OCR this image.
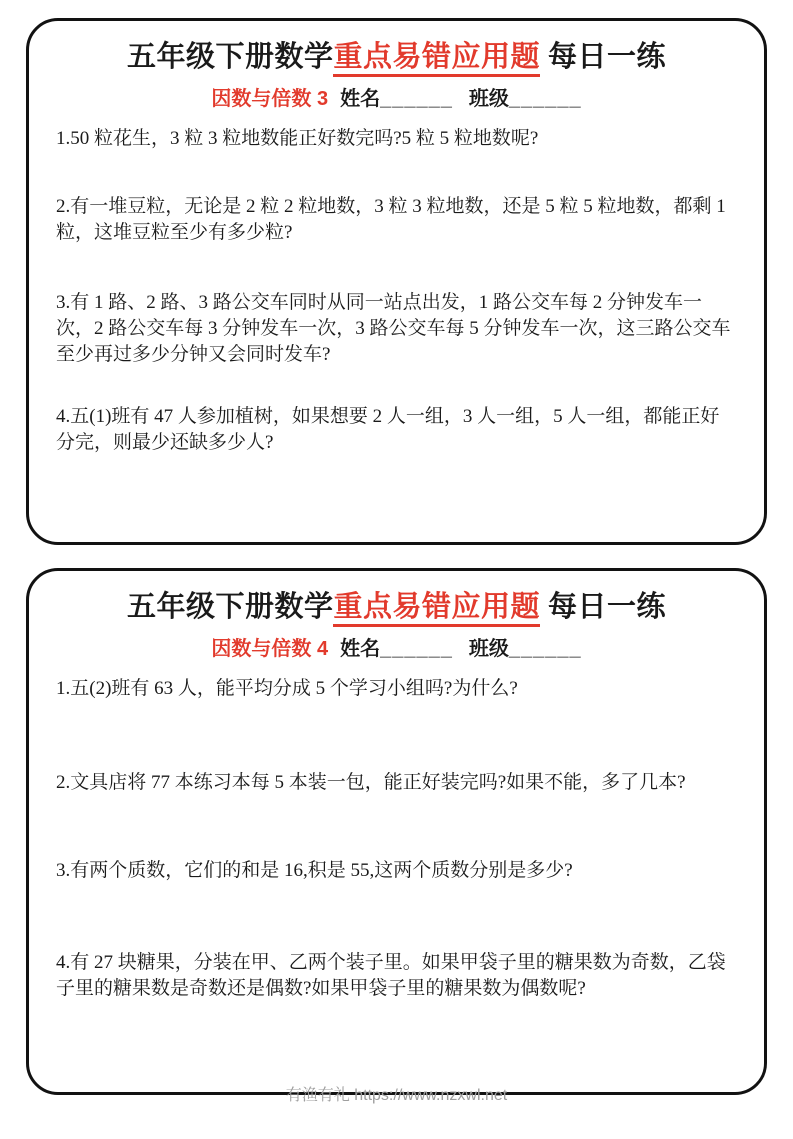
五年级下册数学重点易错应用题 每日一练
因数与倍数 3 姓名______ 班级______

1.50 粒花生，3 粒 3 粒地数能正好数完吗?5 粒 5 粒地数呢?

2.有一堆豆粒，无论是 2 粒 2 粒地数，3 粒 3 粒地数，还是 5 粒 5 粒地数，都剩 1 粒，这堆豆粒至少有多少粒?

3.有 1 路、2 路、3 路公交车同时从同一站点出发，1 路公交车每 2 分钟发车一次，2 路公交车每 3 分钟发车一次，3 路公交车每 5 分钟发车一次，这三路公交车至少再过多少分钟又会同时发车?

4.五(1)班有 47 人参加植树，如果想要 2 人一组，3 人一组，5 人一组，都能正好分完，则最少还缺多少人?

五年级下册数学重点易错应用题 每日一练
因数与倍数 4 姓名______ 班级______

1.五(2)班有 63 人，能平均分成 5 个学习小组吗?为什么?

2.文具店将 77 本练习本每 5 本装一包，能正好装完吗?如果不能，多了几本?

3.有两个质数，它们的和是 16,积是 55,这两个质数分别是多少?

4.有 27 块糖果，分装在甲、乙两个装子里。如果甲袋子里的糖果数为奇数，乙袋子里的糖果数是奇数还是偶数?如果甲袋子里的糖果数为偶数呢?

有渔有礼 https://www.nzxwl.net
